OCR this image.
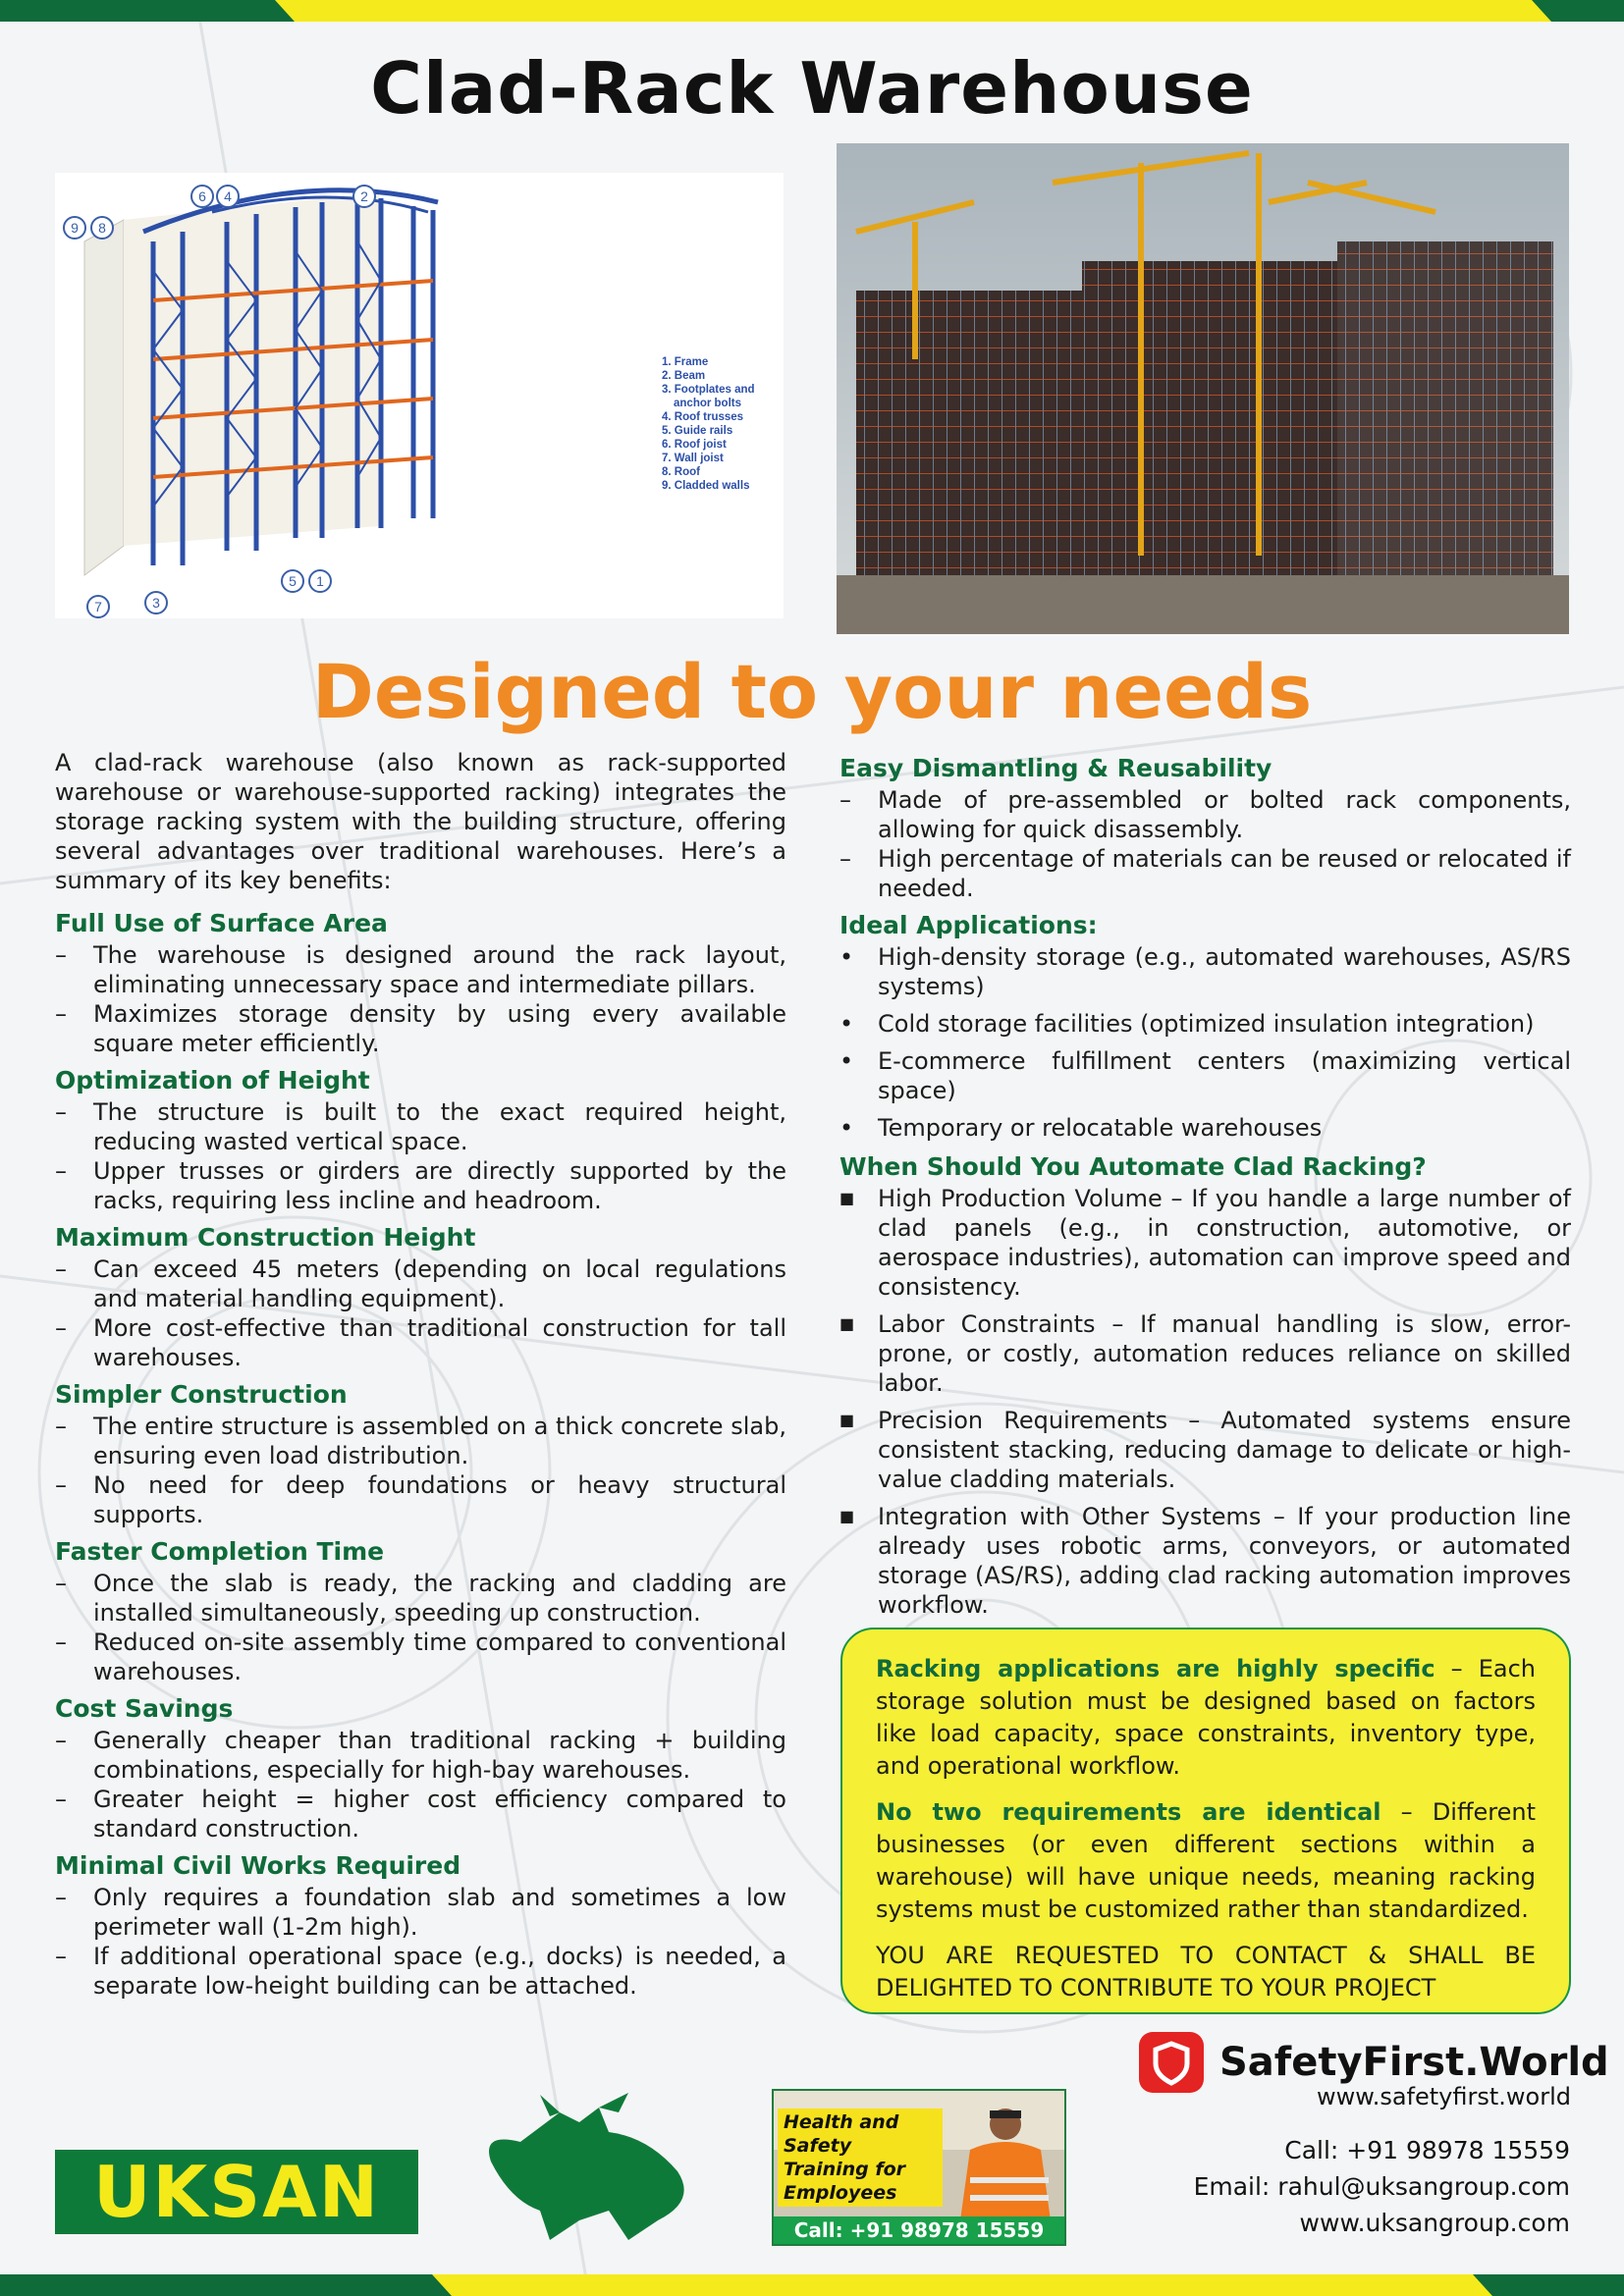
Clad-Rack Warehouse
9 8
6 4	2
7	3
5 1
1. Frame
2. Beam
3. Footplates and
anchor bolts
4. Roof trusses
5. Guide rails
6. Roof joist
7. Wall joist
8. Roof
9. Cladded walls
Designed to your needs

A clad-rack warehouse (also known as rack-supported warehouse or warehouse-supported racking) integrates the storage racking system with the building structure, offering several advantages over traditional warehouses. Here’s a summary of its key benefits:

Full Use of Surface Area
–	The warehouse is designed around the rack layout, eliminating unnecessary space and intermediate pillars.
–	Maximizes storage density by using every available square meter efficiently.
Optimization of Height
–	The structure is built to the exact required height, reducing wasted vertical space.
–	Upper trusses or girders are directly supported by the racks, requiring less incline and headroom.
Maximum Construction Height
–	Can exceed 45 meters (depending on local regulations and material handling equipment).
–	More cost-effective than traditional construction for tall warehouses.
Simpler Construction
–	The entire structure is assembled on a thick concrete slab, ensuring even load distribution.
–	No need for deep foundations or heavy structural supports.
Faster Completion Time
–	Once the slab is ready, the racking and cladding are installed simultaneously, speeding up construction.
–	Reduced on-site assembly time compared to conventional warehouses.
Cost Savings
–	Generally cheaper than traditional racking + building combinations, especially for high-bay warehouses.
–	Greater height = higher cost efficiency compared to standard construction.
Minimal Civil Works Required
–	Only requires a foundation slab and sometimes a low perimeter wall (1-2m high).
–	If additional operational space (e.g., docks) is needed, a separate low-height building can be attached.
Easy Dismantling & Reusability
–	Made of pre-assembled or bolted rack components, allowing for quick disassembly.
–	High percentage of materials can be reused or relocated if needed.
Ideal Applications:
•	High-density storage (e.g., automated warehouses, AS/RS systems)
•	Cold storage facilities (optimized insulation integration)
•	E-commerce fulfillment centers (maximizing vertical space)
•	Temporary or relocatable warehouses
When Should You Automate Clad Racking?
■ High Production Volume – If you handle a large number of clad panels (e.g., in construction, automotive, or aerospace industries), automation can improve speed and consistency.
■ Labor Constraints – If manual handling is slow, error-prone, or costly, automation reduces reliance on skilled labor.
■ Precision Requirements – Automated systems ensure consistent stacking, reducing damage to delicate or high-value cladding materials.
■ Integration with Other Systems – If your production line already uses robotic arms, conveyors, or automated storage (AS/RS), adding clad racking automation improves workflow.

Racking applications are highly specific – Each storage solution must be designed based on factors like load capacity, space constraints, inventory type, and operational workflow.

No two requirements are identical – Different businesses (or even different sections within a warehouse) will have unique needs, meaning racking systems must be customized rather than standardized.

YOU ARE REQUESTED TO CONTACT & SHALL BE DELIGHTED TO CONTRIBUTE TO YOUR PROJECT

SafetyFirst.World
www.safetyfirst.world
Call: +91 98978 15559
Email: rahul@uksangroup.com
www.uksangroup.com
UKSAN
Health and Safety Training for Employees
Call: +91 98978 15559
